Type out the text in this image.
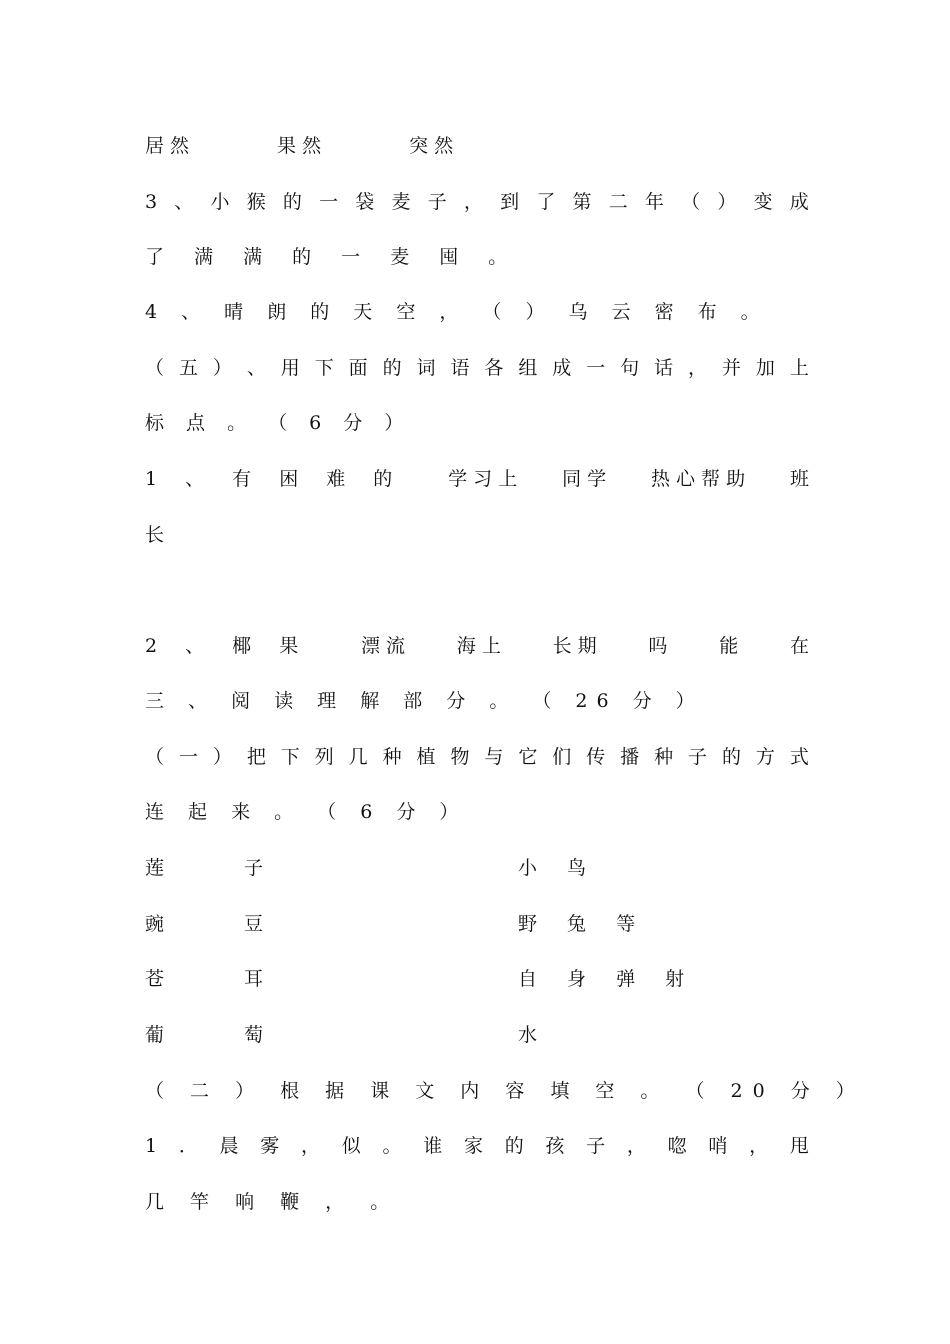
居 然	果 然	突 然
3 、 小 猴 的 一 袋 麦 子 ， 到 了 第 二 年 （ ） 变 成
了 满 满 的 一 麦 囤 。
4 、 晴 朗 的 天 空 ， （ ） 乌 云 密 布 。
（ 五 ） 、 用 下 面 的 词 语 各 组 成 一 句 话 ， 并 加 上
标 点 。 （ 6 分 ）
1 、 有 困 难 的 学 习 上 同 学 热 心 帮 助 班
长
2 、 椰 果	漂 流	海 上	长 期	吗	能	在
三 、 阅 读 理 解 部 分 。 （ 26 分 ）
（ 一 ） 把 下 列 几 种 植 物 与 它 们 传 播 种 子 的 方 式
连 起 来 。 （ 6 分 ）
莲 子	小 鸟
豌 豆	野 兔 等
苍 耳	自 身 弹 射
葡 萄	水
（ 二 ） 根 据 课 文 内 容 填 空 。 （ 20 分 ）
1 ． 晨 雾 ， 似 。 谁 家 的 孩 子 ， 唿 哨 ， 甩
几 竿 响 鞭 ， 。
